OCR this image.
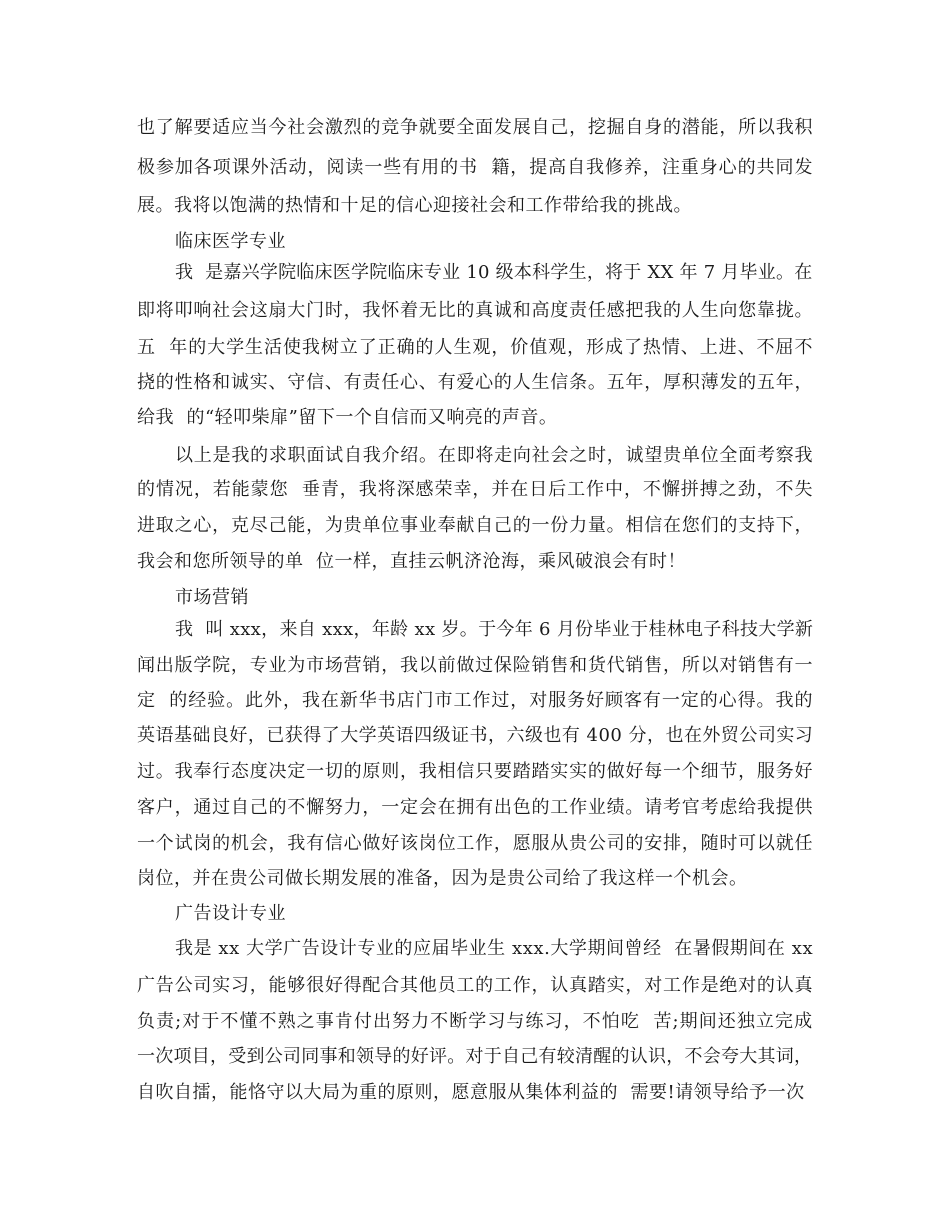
也了解要适应当今社会激烈的竞争就要全面发展自己，挖掘自身的潜能，所以我积
极参加各项课外活动，阅读一些有用的书  籍，提高自我修养，注重身心的共同发
展。我将以饱满的热情和十足的信心迎接社会和工作带给我的挑战。
临床医学专业
我  是嘉兴学院临床医学院临床专业 10 级本科学生，将于 XX 年 7 月毕业。在
即将叩响社会这扇大门时，我怀着无比的真诚和高度责任感把我的人生向您靠拢。
五  年的大学生活使我树立了正确的人生观，价值观，形成了热情、上进、不屈不
挠的性格和诚实、守信、有责任心、有爱心的人生信条。五年，厚积薄发的五年，
给我  的“轻叩柴扉”留下一个自信而又响亮的声音。
以上是我的求职面试自我介绍。在即将走向社会之时，诚望贵单位全面考察我
的情况，若能蒙您  垂青，我将深感荣幸，并在日后工作中，不懈拼搏之劲，不失
进取之心，克尽己能，为贵单位事业奉献自己的一份力量。相信在您们的支持下，
我会和您所领导的单  位一样，直挂云帆济沧海，乘风破浪会有时！
市场营销
我  叫 xxx，来自 xxx，年龄 xx 岁。于今年 6 月份毕业于桂林电子科技大学新
闻出版学院，专业为市场营销，我以前做过保险销售和货代销售，所以对销售有一
定  的经验。此外，我在新华书店门市工作过，对服务好顾客有一定的心得。我的
英语基础良好，已获得了大学英语四级证书，六级也有 400 分，也在外贸公司实习
过。我奉行态度决定一切的原则，我相信只要踏踏实实的做好每一个细节，服务好
客户，通过自己的不懈努力，一定会在拥有出色的工作业绩。请考官考虑给我提供
一个试岗的机会，我有信心做好该岗位工作，愿服从贵公司的安排，随时可以就任
岗位，并在贵公司做长期发展的准备，因为是贵公司给了我这样一个机会。
广告设计专业
我是 xx 大学广告设计专业的应届毕业生 xxx.大学期间曾经  在暑假期间在 xx
广告公司实习，能够很好得配合其他员工的工作，认真踏实，对工作是绝对的认真
负责;对于不懂不熟之事肯付出努力不断学习与练习，不怕吃  苦;期间还独立完成
一次项目，受到公司同事和领导的好评。对于自己有较清醒的认识，不会夸大其词，
自吹自擂，能恪守以大局为重的原则，愿意服从集体利益的  需要!请领导给予一次
